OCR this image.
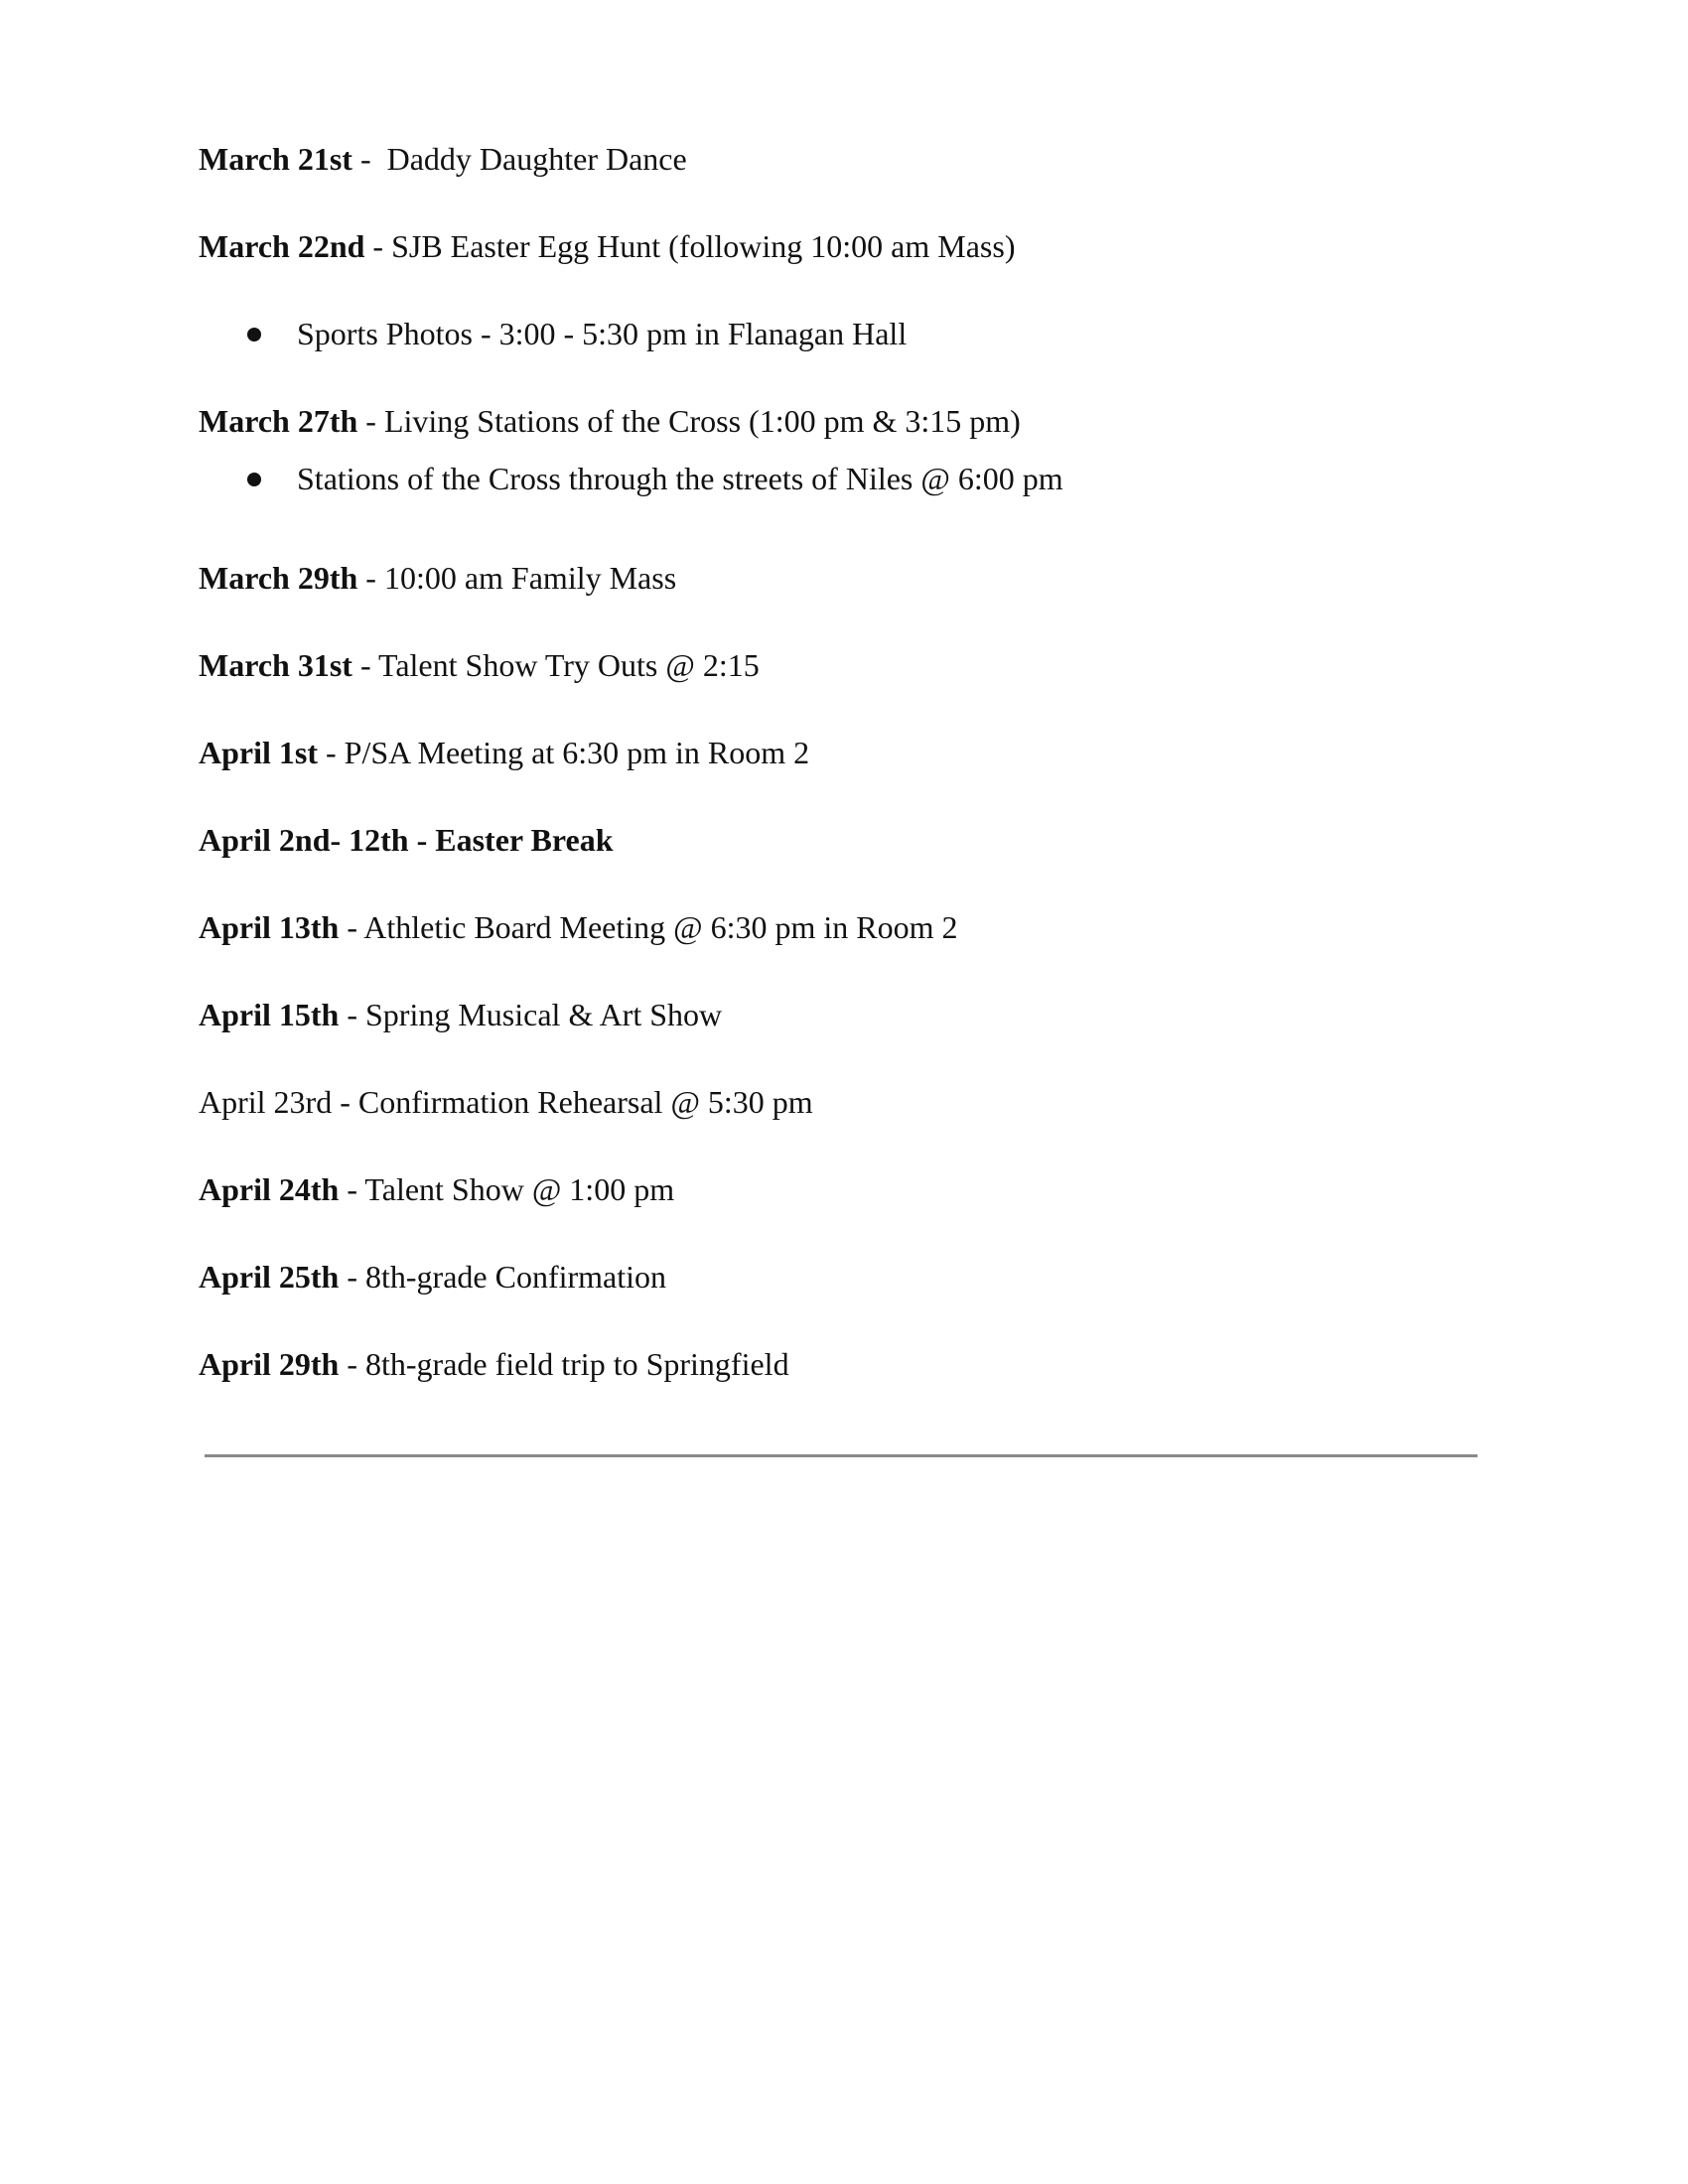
March 21st -  Daddy Daughter Dance
March 22nd - SJB Easter Egg Hunt (following 10:00 am Mass)
Sports Photos - 3:00 - 5:30 pm in Flanagan Hall
March 27th - Living Stations of the Cross (1:00 pm & 3:15 pm)
Stations of the Cross through the streets of Niles @ 6:00 pm
March 29th - 10:00 am Family Mass
March 31st - Talent Show Try Outs @ 2:15
April 1st - P/SA Meeting at 6:30 pm in Room 2
April 2nd- 12th - Easter Break
April 13th - Athletic Board Meeting @ 6:30 pm in Room 2
April 15th - Spring Musical & Art Show
April 23rd - Confirmation Rehearsal @ 5:30 pm
April 24th - Talent Show @ 1:00 pm
April 25th - 8th-grade Confirmation
April 29th - 8th-grade field trip to Springfield
